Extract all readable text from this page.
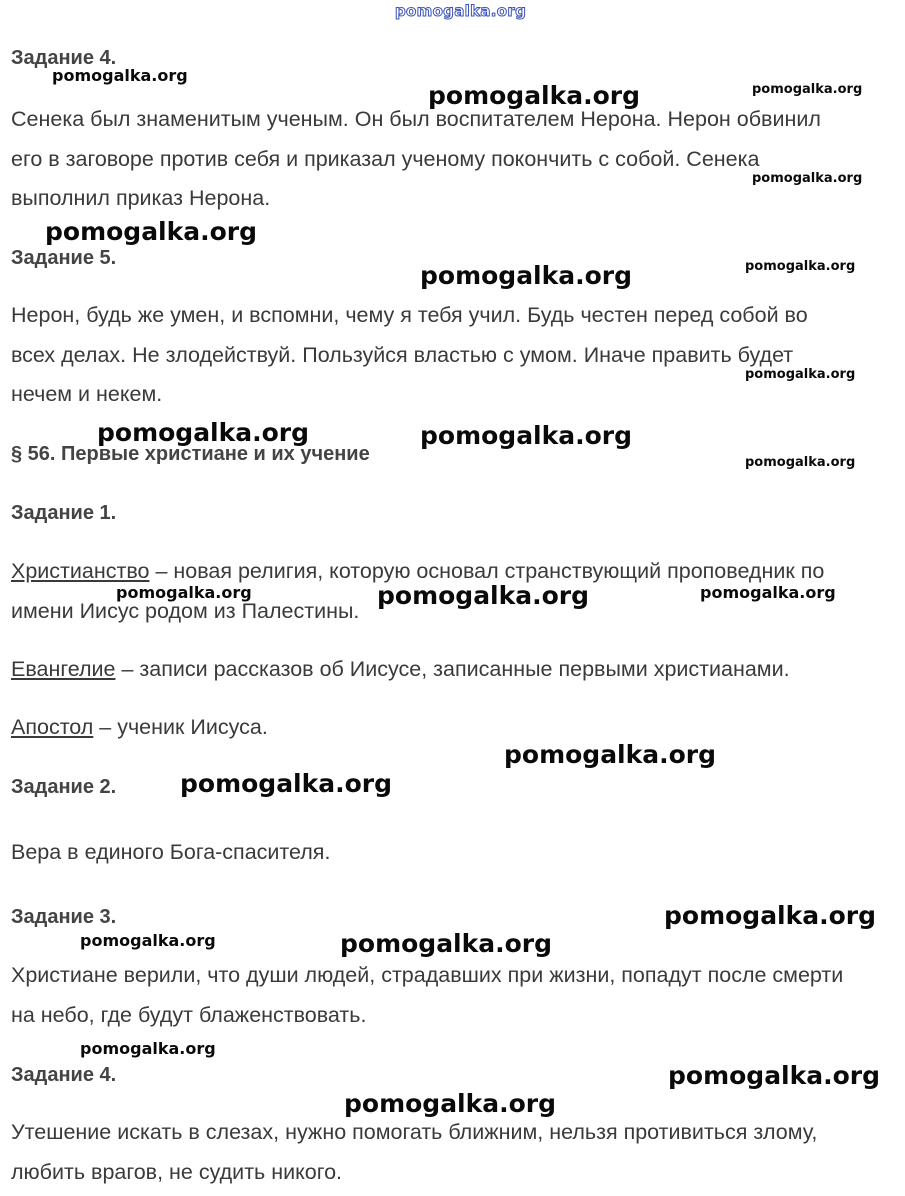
pomogalka.org
Задание 4.
Сенека был знаменитым ученым. Он был воспитателем Нерона. Нерон обвинил
его в заговоре против себя и приказал ученому покончить с собой. Сенека
выполнил приказ Нерона.
Задание 5.
Нерон, будь же умен, и вспомни, чему я тебя учил. Будь честен перед собой во
всех делах. Не злодействуй. Пользуйся властью с умом. Иначе править будет
нечем и некем.
§ 56. Первые христиане и их учение
Задание 1.
Христианство – новая религия, которую основал странствующий проповедник по
имени Иисус родом из Палестины.
Евангелие – записи рассказов об Иисусе, записанные первыми христианами.
Апостол – ученик Иисуса.
Задание 2.
Вера в единого Бога-спасителя.
Задание 3.
Христиане верили, что души людей, страдавших при жизни, попадут после смерти
на небо, где будут блаженствовать.
Задание 4.
Утешение искать в слезах, нужно помогать ближним, нельзя противиться злому,
любить врагов, не судить никого.
pomogalka.org
pomogalka.org	pomogalka.org
pomogalka.org
pomogalka.org
pomogalka.org	pomogalka.org
pomogalka.org
pomogalka.org	pomogalka.org
pomogalka.org
pomogalka.org	pomogalka.org	pomogalka.org
pomogalka.org
pomogalka.org
pomogalka.org
pomogalka.org	pomogalka.org
pomogalka.org
pomogalka.org
pomogalka.org
